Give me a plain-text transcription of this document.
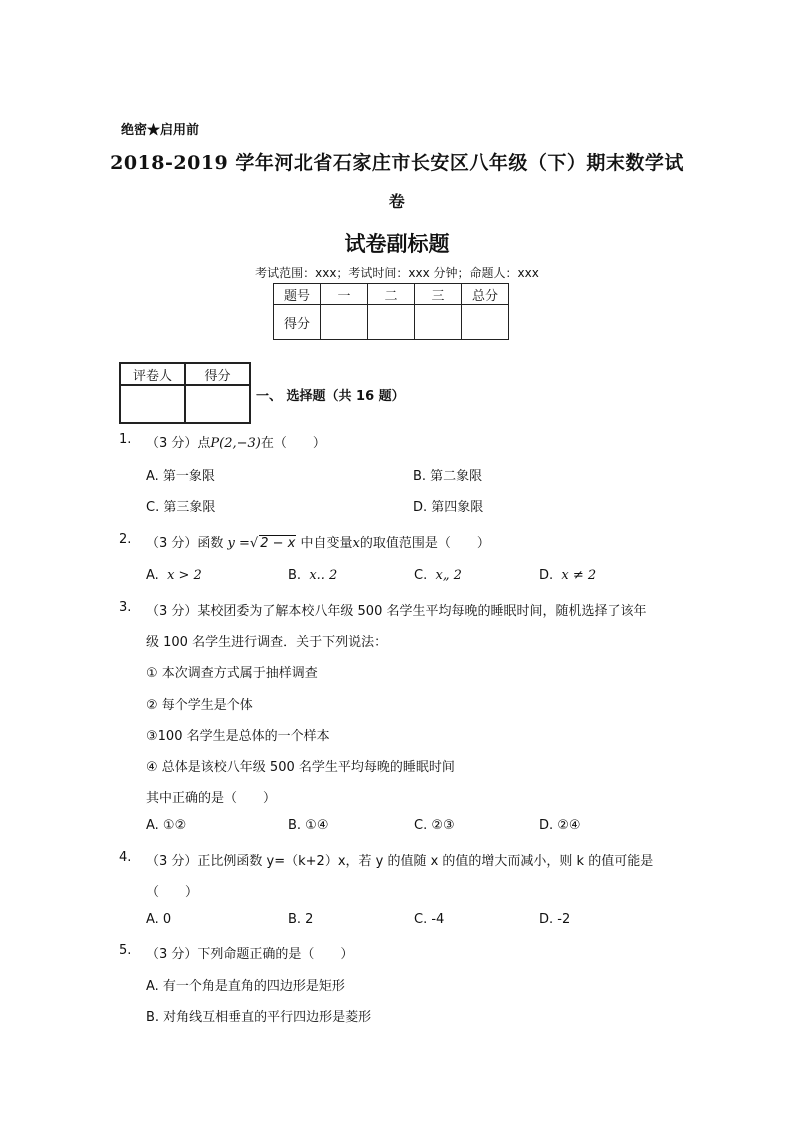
绝密★启用前
2018-2019 学年河北省石家庄市长安区八年级（下）期末数学试
卷
试卷副标题
考试范围：xxx；考试时间：xxx 分钟；命题人：xxx
题号	一	二	三	总分
得分				
评卷人	得分

一、 选择题（共 16 题）
1. （3 分）点P(2,−3)在（　　）
A. 第一象限	B. 第二象限
C. 第三象限	D. 第四象限
2. （3 分）函数 y =√ 2 − x 中自变量x的取值范围是（　　）
A. x > 2	B. x.. 2	C. x„ 2	D. x ≠ 2
3. （3 分）某校团委为了解本校八年级 500 名学生平均每晚的睡眠时间，随机选择了该年
级 100 名学生进行调查．关于下列说法：
① 本次调查方式属于抽样调查
② 每个学生是个体
③100 名学生是总体的一个样本
④ 总体是该校八年级 500 名学生平均每晚的睡眠时间
其中正确的是（　　）
A. ①②	B. ①④	C. ②③	D. ②④
4. （3 分）正比例函数 y=（k+2）x，若 y 的值随 x 的值的增大而减小，则 k 的值可能是
（　　）
A. 0	B. 2	C. -4	D. -2
5. （3 分）下列命题正确的是（　　）
A. 有一个角是直角的四边形是矩形
B. 对角线互相垂直的平行四边形是菱形
